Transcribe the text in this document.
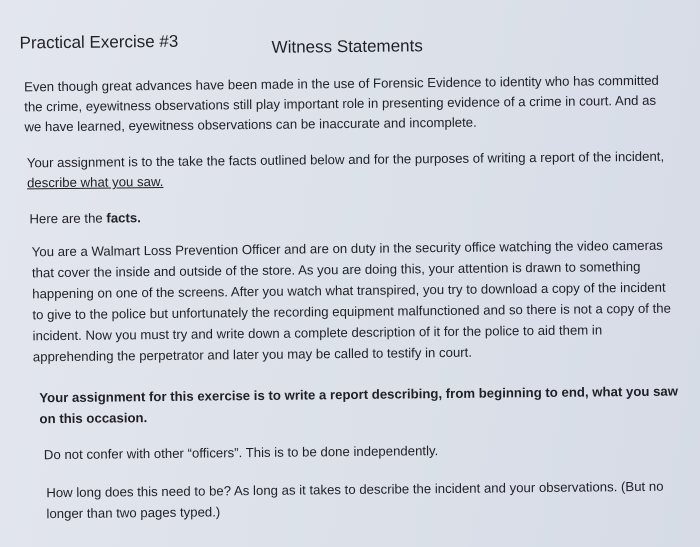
Practical Exercise #3	Witness Statements

Even though great advances have been made in the use of Forensic Evidence to identity who has committed the crime, eyewitness observations still play important role in presenting evidence of a crime in court. And as we have learned, eyewitness observations can be inaccurate and incomplete.

Your assignment is to the take the facts outlined below and for the purposes of writing a report of the incident, describe what you saw.

Here are the facts.

You are a Walmart Loss Prevention Officer and are on duty in the security office watching the video cameras that cover the inside and outside of the store. As you are doing this, your attention is drawn to something happening on one of the screens. After you watch what transpired, you try to download a copy of the incident to give to the police but unfortunately the recording equipment malfunctioned and so there is not a copy of the incident. Now you must try and write down a complete description of it for the police to aid them in apprehending the perpetrator and later you may be called to testify in court.

Your assignment for this exercise is to write a report describing, from beginning to end, what you saw on this occasion.

Do not confer with other “officers”. This is to be done independently.

How long does this need to be? As long as it takes to describe the incident and your observations. (But no longer than two pages typed.)
